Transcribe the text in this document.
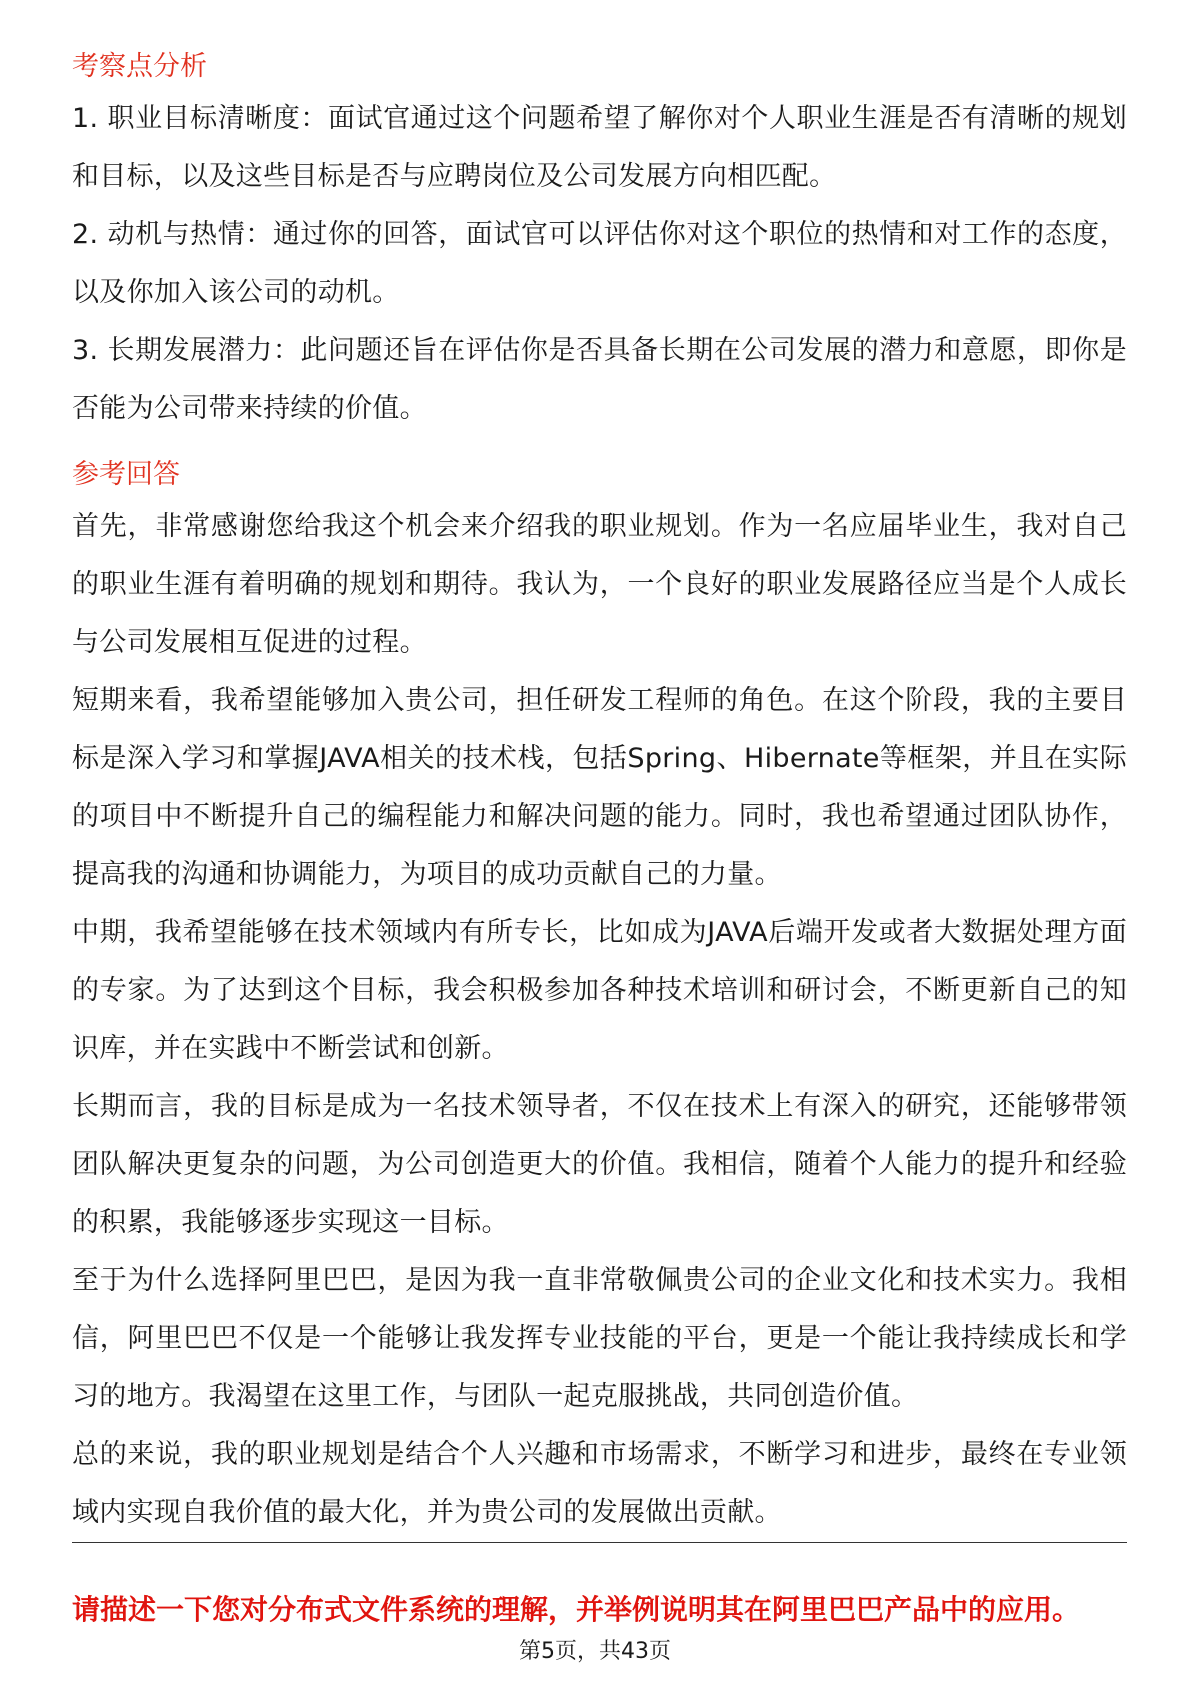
考察点分析

1. 职业目标清晰度：面试官通过这个问题希望了解你对个人职业生涯是否有清晰的规划和目标，以及这些目标是否与应聘岗位及公司发展方向相匹配。

2. 动机与热情：通过你的回答，面试官可以评估你对这个职位的热情和对工作的态度，以及你加入该公司的动机。

3. 长期发展潜力：此问题还旨在评估你是否具备长期在公司发展的潜力和意愿，即你是否能为公司带来持续的价值。

参考回答

首先，非常感谢您给我这个机会来介绍我的职业规划。作为一名应届毕业生，我对自己的职业生涯有着明确的规划和期待。我认为，一个良好的职业发展路径应当是个人成长与公司发展相互促进的过程。

短期来看，我希望能够加入贵公司，担任研发工程师的角色。在这个阶段，我的主要目标是深入学习和掌握JAVA相关的技术栈，包括Spring、Hibernate等框架，并且在实际的项目中不断提升自己的编程能力和解决问题的能力。同时，我也希望通过团队协作，提高我的沟通和协调能力，为项目的成功贡献自己的力量。

中期，我希望能够在技术领域内有所专长，比如成为JAVA后端开发或者大数据处理方面的专家。为了达到这个目标，我会积极参加各种技术培训和研讨会，不断更新自己的知识库，并在实践中不断尝试和创新。

长期而言，我的目标是成为一名技术领导者，不仅在技术上有深入的研究，还能够带领团队解决更复杂的问题，为公司创造更大的价值。我相信，随着个人能力的提升和经验的积累，我能够逐步实现这一目标。

至于为什么选择阿里巴巴，是因为我一直非常敬佩贵公司的企业文化和技术实力。我相信，阿里巴巴不仅是一个能够让我发挥专业技能的平台，更是一个能让我持续成长和学习的地方。我渴望在这里工作，与团队一起克服挑战，共同创造价值。

总的来说，我的职业规划是结合个人兴趣和市场需求，不断学习和进步，最终在专业领域内实现自我价值的最大化，并为贵公司的发展做出贡献。

请描述一下您对分布式文件系统的理解，并举例说明其在阿里巴巴产品中的应用。

第5页，共43页
